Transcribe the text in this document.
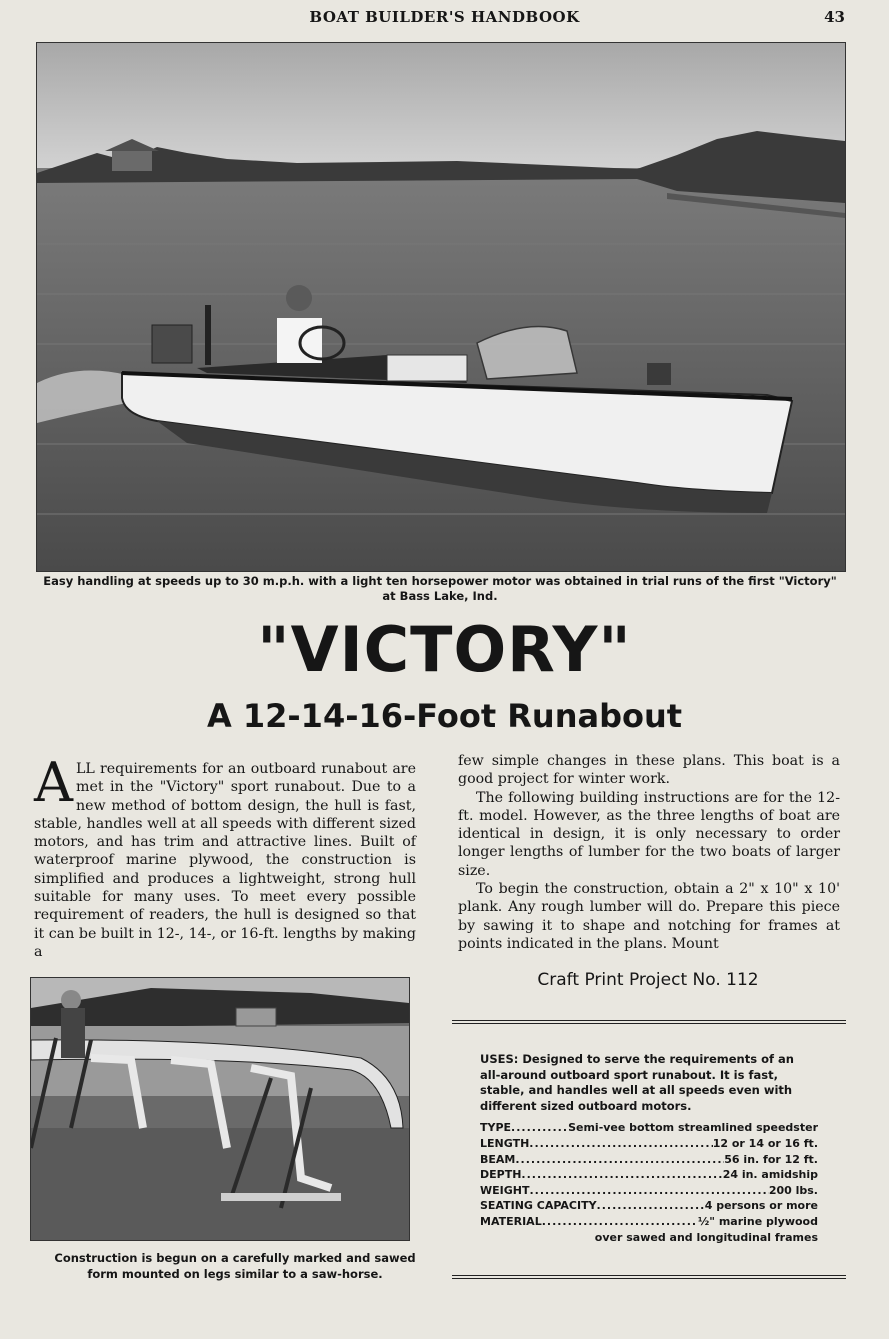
BOAT BUILDER'S HANDBOOK	43
Easy handling at speeds up to 30 m.p.h. with a light ten horsepower motor was obtained in trial runs of the first "Victory" at Bass Lake, Ind.
"VICTORY"
A 12-14-16-Foot Runabout
ALL requirements for an outboard runabout are met in the "Victory" sport runabout. Due to a new method of bottom design, the hull is fast, stable, handles well at all speeds with different sized motors, and has trim and attractive lines. Built of waterproof marine plywood, the construction is simplified and produces a lightweight, strong hull suitable for many uses. To meet every possible requirement of readers, the hull is designed so that it can be built in 12-, 14-, or 16-ft. lengths by making a

few simple changes in these plans. This boat is a good project for winter work.

The following building instructions are for the 12-ft. model. However, as the three lengths of boat are identical in design, it is only necessary to order longer lengths of lumber for the two boats of larger size.

To begin the construction, obtain a 2" x 10" x 10' plank. Any rough lumber will do. Prepare this piece by sawing it to shape and notching for frames at points indicated in the plans. Mount

Craft Print Project No. 112
Construction is begun on a carefully marked and sawed form mounted on legs similar to a saw-horse.
USES: Designed to serve the requirements of an all-around outboard sport runabout. It is fast, stable, and handles well at all speeds even with different sized outboard motors.
TYPE .....	Semi-vee bottom streamlined speedster
LENGTH .....	12 or 14 or 16 ft.
BEAM .....	56 in. for 12 ft.
DEPTH .....	24 in. amidship
WEIGHT .....	200 lbs.
SEATING CAPACITY .....	4 persons or more
MATERIAL .....	½" marine plywood
over sawed and longitudinal frames
